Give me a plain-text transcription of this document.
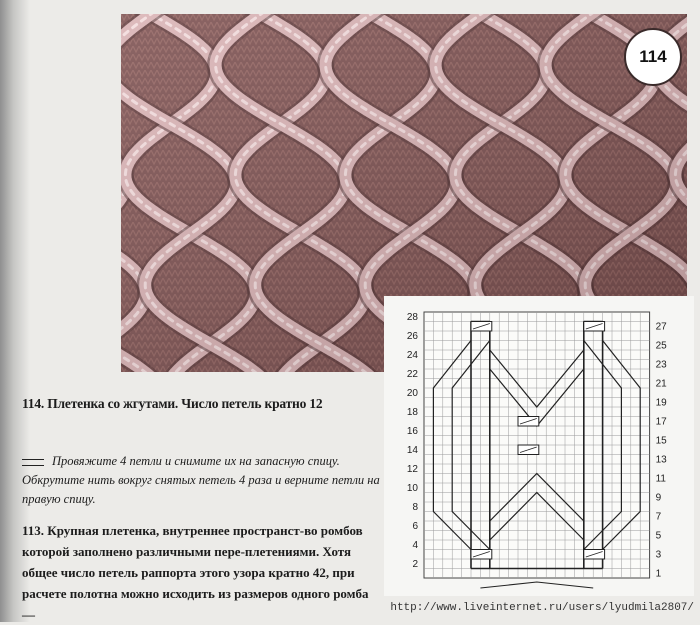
114
28
26
24
22
20
18
16
14
12
10
8
6
4
2
27
25
23
21
19
17
15
13
11
9
7
5
3
1
114. Плетенка со жгутами. Число петель кратно 12
Провяжите 4 петли и снимите их на запасную спицу. Обкрутите нить вокруг снятых петель 4 раза и верните петли на правую спицу.
113. Крупная плетенка, внутреннее пространст-во ромбов которой заполнено различными пере-плетениями. Хотя общее число петель раппорта этого узора кратно 42, при расчете полотна можно исходить из размеров одного ромба —	http://www.liveinternet.ru/users/lyudmila2807/
